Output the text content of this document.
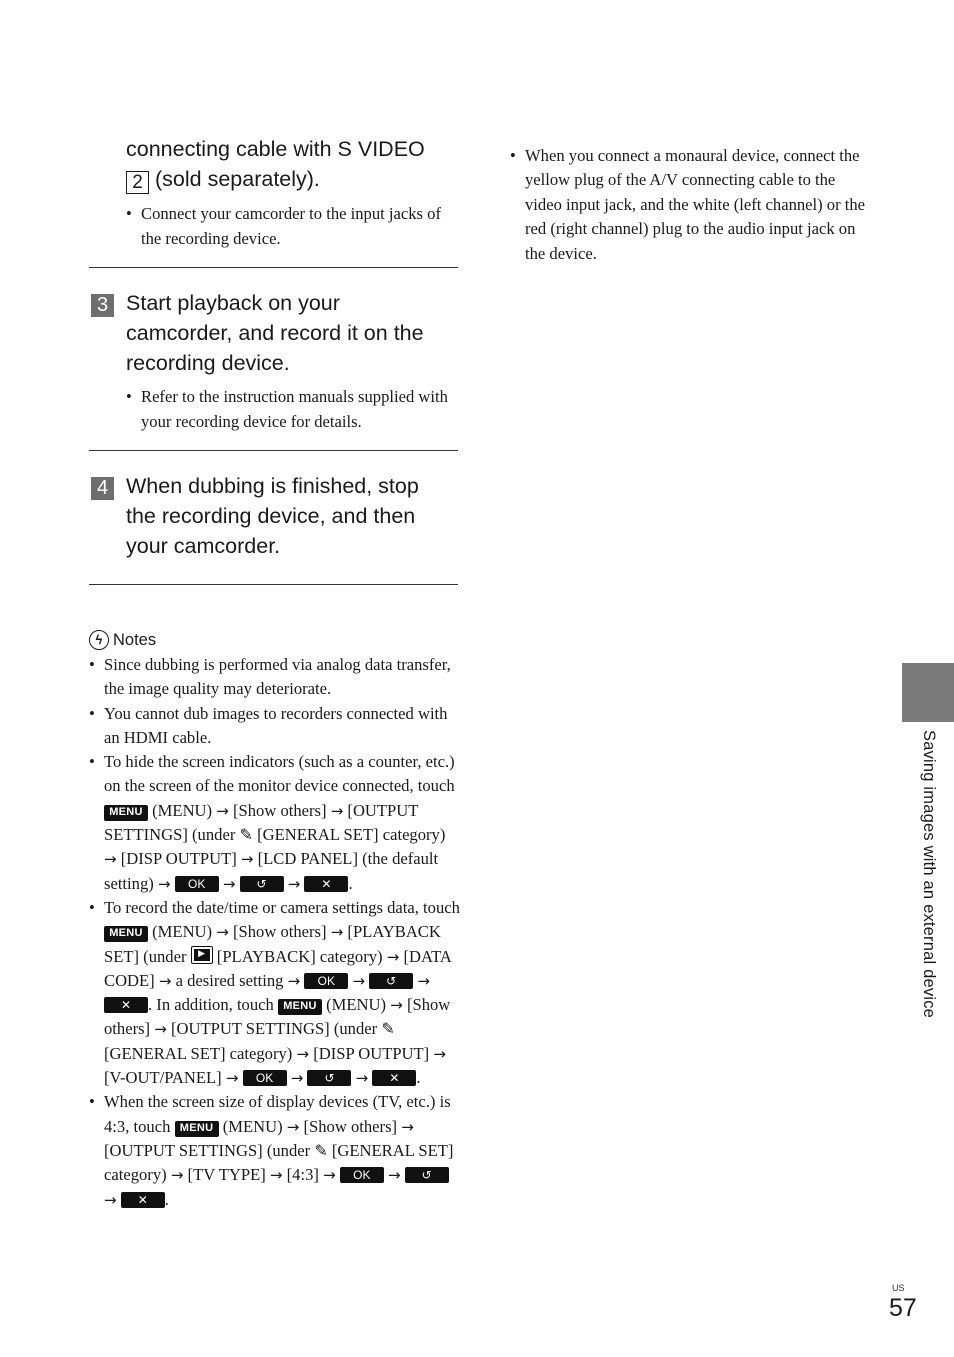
connecting cable with S VIDEO
2 (sold separately).
• Connect your camcorder to the input jacks of the recording device.
3 Start playback on your camcorder, and record it on the recording device.
• Refer to the instruction manuals supplied with your recording device for details.
4 When dubbing is finished, stop the recording device, and then your camcorder.
ϟ Notes
• Since dubbing is performed via analog data transfer, the image quality may deteriorate.
• You cannot dub images to recorders connected with an HDMI cable.
• To hide the screen indicators (such as a counter, etc.) on the screen of the monitor device connected, touch MENU (MENU) → [Show others] → [OUTPUT SETTINGS] (under ✎ [GENERAL SET] category) → [DISP OUTPUT] → [LCD PANEL] (the default setting) → OK → ↺ → ✕ .
• To record the date/time or camera settings data, touch MENU (MENU) → [Show others] → [PLAYBACK SET] (under	▶ [PLAYBACK] category) → [DATA CODE] → a desired setting → OK → ↺ → ✕ . In addition, touch MENU (MENU) → [Show others] → [OUTPUT SETTINGS] (under ✎ [GENERAL SET] category) → [DISP OUTPUT] → [V-OUT/PANEL] → OK → ↺ → ✕ .
• When the screen size of display devices (TV, etc.) is 4:3, touch MENU (MENU) → [Show others] → [OUTPUT SETTINGS] (under ✎ [GENERAL SET] category) → [TV TYPE] → [4:3] → OK → ↺ → ✕ .
• When you connect a monaural device, connect the yellow plug of the A/V connecting cable to the video input jack, and the white (left channel) or the red (right channel) plug to the audio input jack on the device.
Saving images with an external device
US
57
